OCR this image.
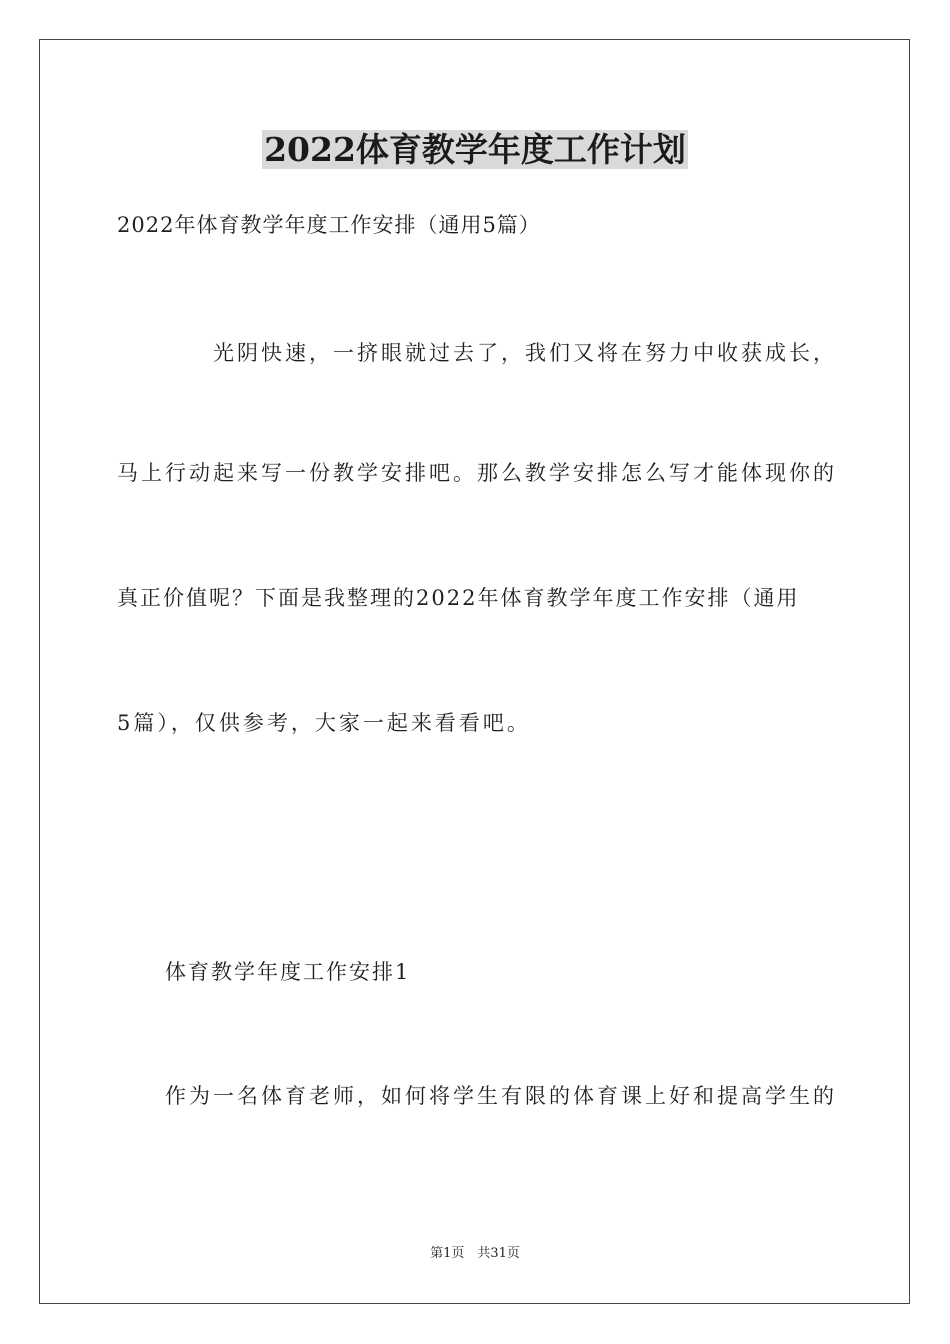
2022体育教学年度工作计划
2022年体育教学年度工作安排（通用5篇）
光阴快速，一挤眼就过去了，我们又将在努力中收获成长，
马上行动起来写一份教学安排吧。那么教学安排怎么写才能体现你的
真正价值呢？下面是我整理的2022年体育教学年度工作安排（通用
5篇），仅供参考，大家一起来看看吧。
体育教学年度工作安排1
作为一名体育老师，如何将学生有限的体育课上好和提高学生的
第1页　共31页
